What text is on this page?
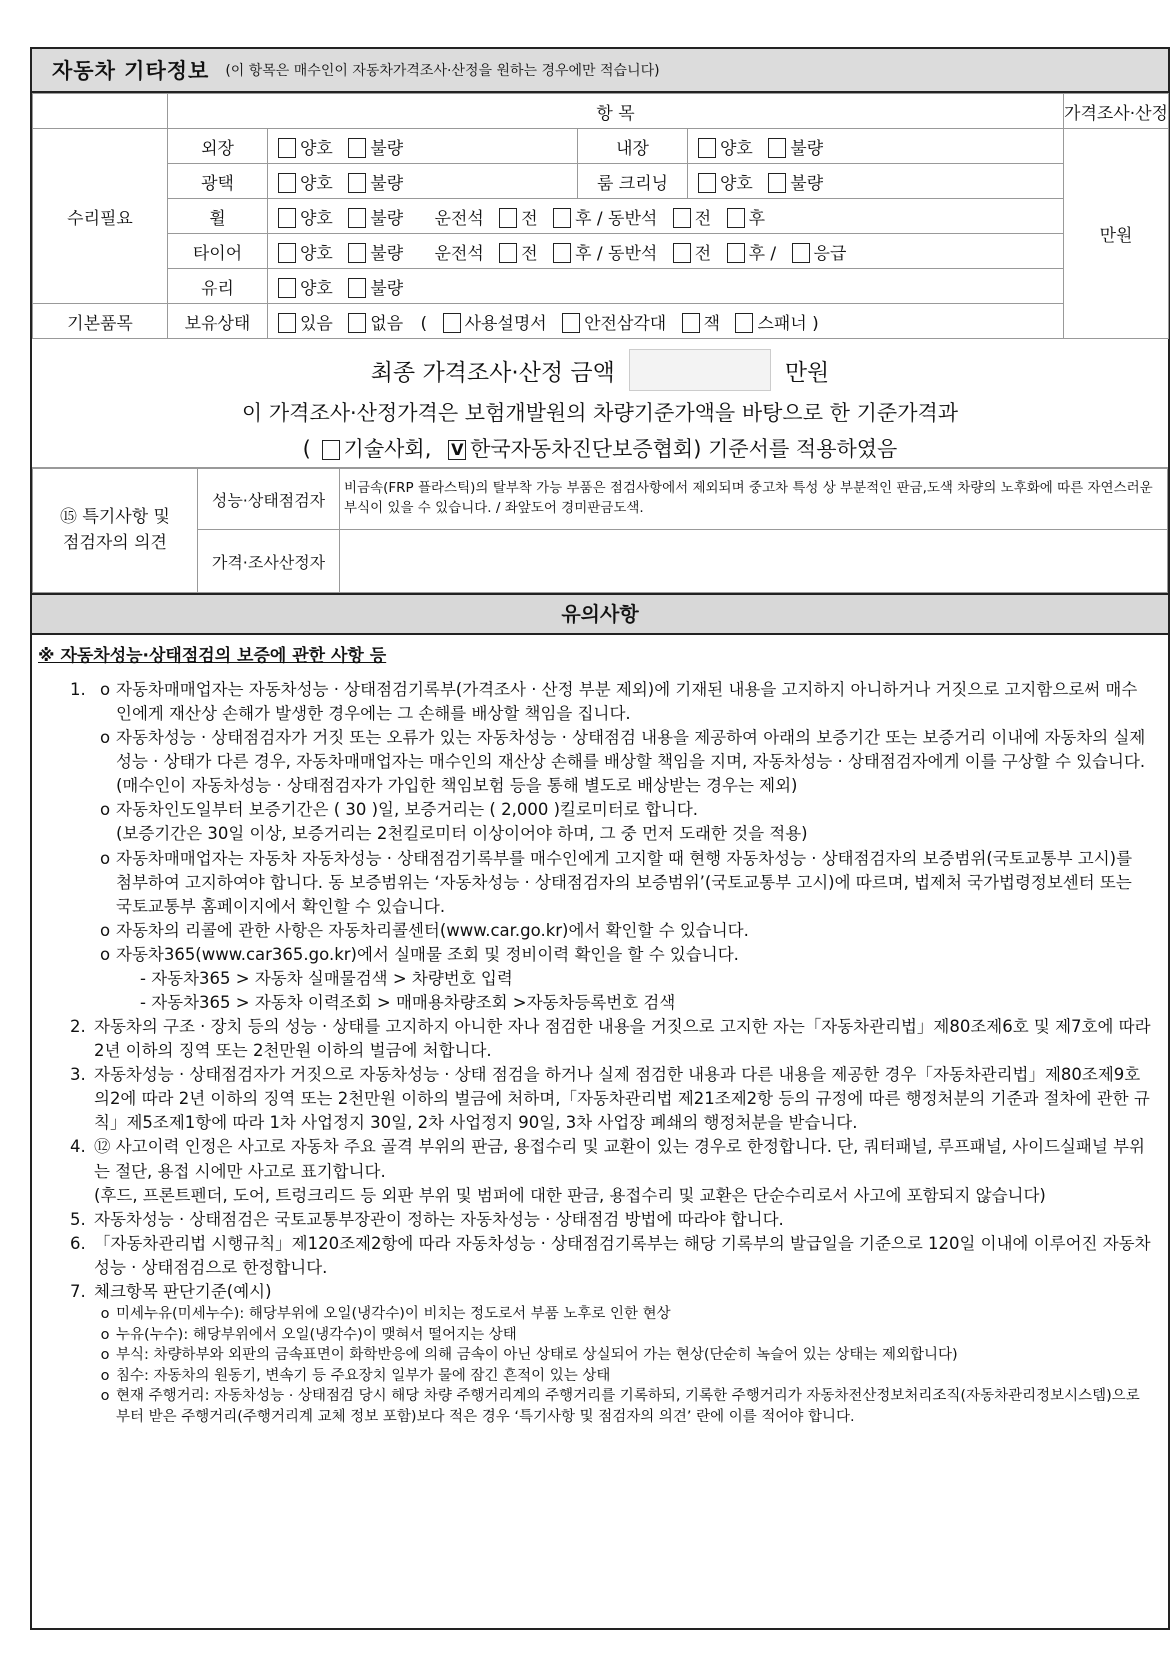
자동차 기타정보 (이 항목은 매수인이 자동차가격조사·산정을 원하는 경우에만 적습니다)
	항 목				가격조사·산정
수리필요	외장	양호 불량	내장	양호 불량	만원
	광택	양호 불량	룸 크리닝	양호 불량	
	휠	양호 불량 운전석 전 후 / 동반석 전 후			
	타이어	양호 불량 운전석 전 후 / 동반석 전 후 / 응급			
	유리	양호 불량			
기본품목	보유상태	있음 없음 ( 사용설명서 안전삼각대 잭 스패너 )			
최종 가격조사·산정 금액	만원
이 가격조사·산정가격은 보험개발원의 차량기준가액을 바탕으로 한 기준가격과
( 기술사회, V 한국자동차진단보증협회) 기준서를 적용하였음
⑮ 특기사항 및
점검자의 의견	성능·상태점검자	비금속(FRP 플라스틱)의 탈부착 가능 부품은 점검사항에서 제외되며 중고차 특성 상 부분적인 판금,도색 차량의 노후화에 따른 자연스러운 부식이 있을 수 있습니다. / 좌앞도어 경미판금도색.
	가격·조사산정자	
유의사항
※ 자동차성능·상태점검의 보증에 관한 사항 등
1. o 자동차매매업자는 자동차성능 · 상태점검기록부(가격조사 · 산정 부분 제외)에 기재된 내용을 고지하지 아니하거나 거짓으로 고지함으로써 매수인에게 재산상 손해가 발생한 경우에는 그 손해를 배상할 책임을 집니다.
o 자동차성능 · 상태점검자가 거짓 또는 오류가 있는 자동차성능 · 상태점검 내용을 제공하여 아래의 보증기간 또는 보증거리 이내에 자동차의 실제 성능 · 상태가 다른 경우, 자동차매매업자는 매수인의 재산상 손해를 배상할 책임을 지며, 자동차성능 · 상태점검자에게 이를 구상할 수 있습니다.(매수인이 자동차성능 · 상태점검자가 가입한 책임보험 등을 통해 별도로 배상받는 경우는 제외)
o 자동차인도일부터 보증기간은 ( 30 )일, 보증거리는 ( 2,000 )킬로미터로 합니다.
(보증기간은 30일 이상, 보증거리는 2천킬로미터 이상이어야 하며, 그 중 먼저 도래한 것을 적용)
o 자동차매매업자는 자동차 자동차성능 · 상태점검기록부를 매수인에게 고지할 때 현행 자동차성능 · 상태점검자의 보증범위(국토교통부 고시)를 첨부하여 고지하여야 합니다. 동 보증범위는 ‘자동차성능 · 상태점검자의 보증범위’(국토교통부 고시)에 따르며, 법제처 국가법령정보센터 또는 국토교통부 홈페이지에서 확인할 수 있습니다.
o 자동차의 리콜에 관한 사항은 자동차리콜센터(www.car.go.kr)에서 확인할 수 있습니다.
o 자동차365(www.car365.go.kr)에서 실매물 조회 및 정비이력 확인을 할 수 있습니다.
- 자동차365 > 자동차 실매물검색 > 차량번호 입력
- 자동차365 > 자동차 이력조회 > 매매용차량조회 >자동차등록번호 검색
2. 자동차의 구조 · 장치 등의 성능 · 상태를 고지하지 아니한 자나 점검한 내용을 거짓으로 고지한 자는「자동차관리법」제80조제6호 및 제7호에 따라 2년 이하의 징역 또는 2천만원 이하의 벌금에 처합니다.
3. 자동차성능 · 상태점검자가 거짓으로 자동차성능 · 상태 점검을 하거나 실제 점검한 내용과 다른 내용을 제공한 경우「자동차관리법」제80조제9호의2에 따라 2년 이하의 징역 또는 2천만원 이하의 벌금에 처하며,「자동차관리법 제21조제2항 등의 규정에 따른 행정처분의 기준과 절차에 관한 규칙」제5조제1항에 따라 1차 사업정지 30일, 2차 사업정지 90일, 3차 사업장 폐쇄의 행정처분을 받습니다.
4. ⑫ 사고이력 인정은 사고로 자동차 주요 골격 부위의 판금, 용접수리 및 교환이 있는 경우로 한정합니다. 단, 쿼터패널, 루프패널, 사이드실패널 부위는 절단, 용접 시에만 사고로 표기합니다.
(후드, 프론트펜더, 도어, 트렁크리드 등 외판 부위 및 범퍼에 대한 판금, 용접수리 및 교환은 단순수리로서 사고에 포함되지 않습니다)
5. 자동차성능 · 상태점검은 국토교통부장관이 정하는 자동차성능 · 상태점검 방법에 따라야 합니다.
6. 「자동차관리법 시행규칙」제120조제2항에 따라 자동차성능 · 상태점검기록부는 해당 기록부의 발급일을 기준으로 120일 이내에 이루어진 자동차 성능 · 상태점검으로 한정합니다.
7. 체크항목 판단기준(예시)
o 미세누유(미세누수): 해당부위에 오일(냉각수)이 비치는 정도로서 부품 노후로 인한 현상
o 누유(누수): 해당부위에서 오일(냉각수)이 맺혀서 떨어지는 상태
o 부식: 차량하부와 외판의 금속표면이 화학반응에 의해 금속이 아닌 상태로 상실되어 가는 현상(단순히 녹슬어 있는 상태는 제외합니다)
o 침수: 자동차의 원동기, 변속기 등 주요장치 일부가 물에 잠긴 흔적이 있는 상태
o 현재 주행거리: 자동차성능 · 상태점검 당시 해당 차량 주행거리계의 주행거리를 기록하되, 기록한 주행거리가 자동차전산정보처리조직(자동차관리정보시스템)으로부터 받은 주행거리(주행거리계 교체 정보 포함)보다 적은 경우 ‘특기사항 및 점검자의 의견’ 란에 이를 적어야 합니다.
